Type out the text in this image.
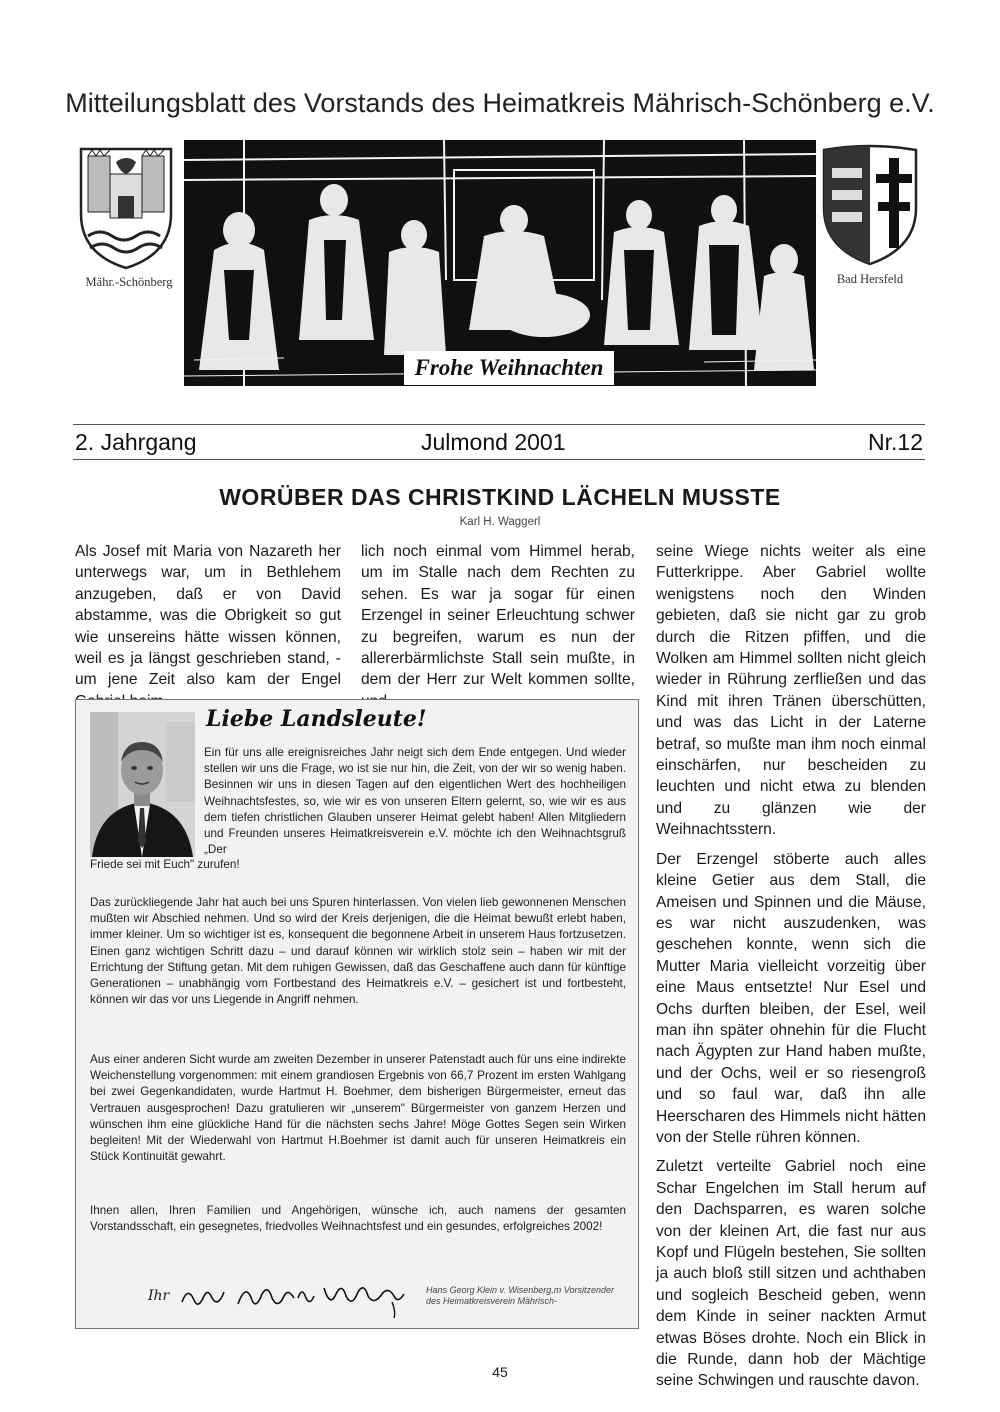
Mitteilungsblatt des Vorstands des Heimatkreis Mährisch-Schönberg e.V.
Mähr.-Schönberg
Frohe Weihnachten
Bad Hersfeld
2. Jahrgang	Julmond 2001	Nr.12
WORÜBER DAS CHRISTKIND LÄCHELN MUSSTE
Karl H. Waggerl

Als Josef mit Maria von Nazareth her unterwegs war, um in Bethlehem anzugeben, daß er von David abstamme, was die Obrigkeit so gut wie unsereins hätte wissen können, weil es ja längst geschrieben stand, - um jene Zeit also kam der Engel

lich noch einmal vom Himmel herab, um im Stalle nach dem Rechten zu sehen. Es war ja sogar für einen Erzengel in seiner Erleuchtung schwer zu begreifen, warum es nun der allererbärmlichste Stall sein mußte, in dem der Herr zur Welt kommen sollte,

seine Wiege nichts weiter als eine Futterkrippe. Aber Gabriel wollte wenigstens noch den Winden gebieten, daß sie nicht gar zu grob durch die Ritzen pfiffen, und die Wolken am Himmel sollten nicht gleich wieder in Rührung zerfließen und das Kind mit ihren Tränen überschütten, und was das Licht in der Laterne betraf, so mußte man ihm noch einmal einschärfen, nur bescheiden zu leuchten und nicht etwa zu blenden und zu glänzen wie der Weihnachtsstern.

Der Erzengel stöberte auch alles kleine Getier aus dem Stall, die Ameisen und Spinnen und die Mäuse, es war nicht auszudenken, was geschehen konnte, wenn sich die Mutter Maria vielleicht vorzeitig über eine Maus entsetzte! Nur Esel und Ochs durften bleiben, der Esel, weil man ihn später ohnehin für die Flucht nach Ägypten zur Hand haben mußte, und der Ochs, weil er so riesengroß und so faul war, daß ihn alle Heerscharen des Himmels nicht hätten von der Stelle rühren können.

Zuletzt verteilte Gabriel noch eine Schar Engelchen im Stall herum auf den Dachsparren, es waren solche von der kleinen Art, die fast nur aus Kopf und Flügeln bestehen, Sie sollten ja auch bloß still sitzen und achthaben und sogleich Bescheid geben, wenn dem Kinde in seiner nackten Armut etwas Böses drohte. Noch ein Blick in die Runde, dann hob der Mächtige seine Schwingen und rauschte davon.

Liebe Landsleute!

Ein für uns alle ereignisreiches Jahr neigt sich dem Ende entgegen. Und wieder stellen wir uns die Frage, wo ist sie nur hin, die Zeit, von der wir so wenig haben. Besinnen wir uns in diesen Tagen auf den eigentlichen Wert des hochheiligen Weihnachtsfestes, so, wie wir es von unseren Eltern gelernt, so, wie wir es aus dem tiefen christlichen Glauben unserer Heimat gelebt haben! Allen Mitgliedern und Freunden unseres Heimatkreisverein e.V. möchte ich den Weihnachtsgruß „Der

Friede sei mit Euch" zurufen!

Das zurückliegende Jahr hat auch bei uns Spuren hinterlassen. Von vielen lieb gewonnenen Menschen mußten wir Abschied nehmen. Und so wird der Kreis derjenigen, die die Heimat bewußt erlebt haben, immer kleiner. Um so wichtiger ist es, konsequent die begonnene Arbeit in unserem Haus fortzusetzen. Einen ganz wichtigen Schritt dazu – und darauf können wir wirklich stolz sein – haben wir mit der Errichtung der Stiftung getan. Mit dem ruhigen Gewissen, daß das Geschaffene auch dann für künftige Generationen – unabhängig vom Fortbestand des Heimatkreis e.V. – gesichert ist und fortbesteht, können wir das vor uns Liegende in Angriff nehmen.

Aus einer anderen Sicht wurde am zweiten Dezember in unserer Patenstadt auch für uns eine indirekte Weichenstellung vorgenommen: mit einem grandiosen Ergebnis von 66,7 Prozent im ersten Wahlgang bei zwei Gegenkandidaten, wurde Hartmut H. Boehmer, dem bisherigen Bürgermeister, erneut das Vertrauen ausgesprochen! Dazu gratulieren wir „unserem" Bürgermeister von ganzem Herzen und wünschen ihm eine glückliche Hand für die nächsten sechs Jahre! Möge Gottes Segen sein Wirken begleiten! Mit der Wiederwahl von Hartmut H.Boehmer ist damit auch für unseren Heimatkreis ein Stück Kontinuität gewahrt.

Ihnen allen, Ihren Familien und Angehörigen, wünsche ich, auch namens der gesamten Vorstandsschaft, ein gesegnetes, friedvolles Weihnachtsfest und ein gesundes, erfolgreiches 2002!

Ihr	Hans Georg Klein v. Wisenberg,m Vorsitzender des Heimatkreisverein Mährisch-
45
